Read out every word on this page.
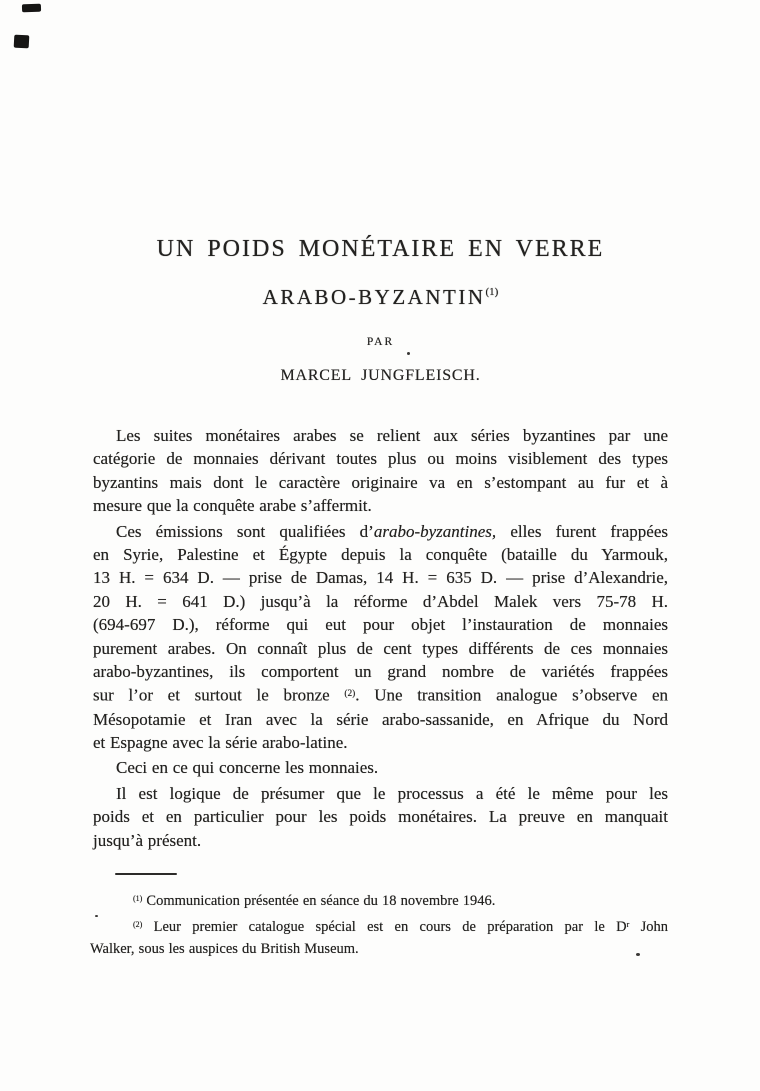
UN POIDS MONÉTAIRE EN VERRE
ARABO-BYZANTIN$^{(1)}$
PAR
MARCEL JUNGFLEISCH.

Les suites monétaires arabes se relient aux séries byzantines par une
catégorie de monnaies dérivant toutes plus ou moins visiblement des types
byzantins mais dont le caractère originaire va en s’estompant au fur et à
mesure que la conquête arabe s’affermit.

Ces émissions sont qualifiées d’arabo-byzantines, elles furent frappées
en Syrie, Palestine et Égypte depuis la conquête (bataille du Yarmouk,
13 H. = 634 D. — prise de Damas, 14 H. = 635 D. — prise d’Alexandrie,
20 H. = 641 D.) jusqu’à la réforme d’Abdel Malek vers 75-78 H.
(694-697 D.), réforme qui eut pour objet l’instauration de monnaies
purement arabes. On connaît plus de cent types différents de ces monnaies
arabo-byzantines, ils comportent un grand nombre de variétés frappées
sur l’or et surtout le bronze $^{(2)}$. Une transition analogue s’observe en
Mésopotamie et Iran avec la série arabo-sassanide, en Afrique du Nord
et Espagne avec la série arabo-latine.

Ceci en ce qui concerne les monnaies.

Il est logique de présumer que le processus a été le même pour les
poids et en particulier pour les poids monétaires. La preuve en manquait
jusqu’à présent.

$^{(1)}$ Communication présentée en séance du 18 novembre 1946.

$^{(2)}$ Leur premier catalogue spécial est en cours de préparation par le D$^r$ John
Walker, sous les auspices du British Museum.
